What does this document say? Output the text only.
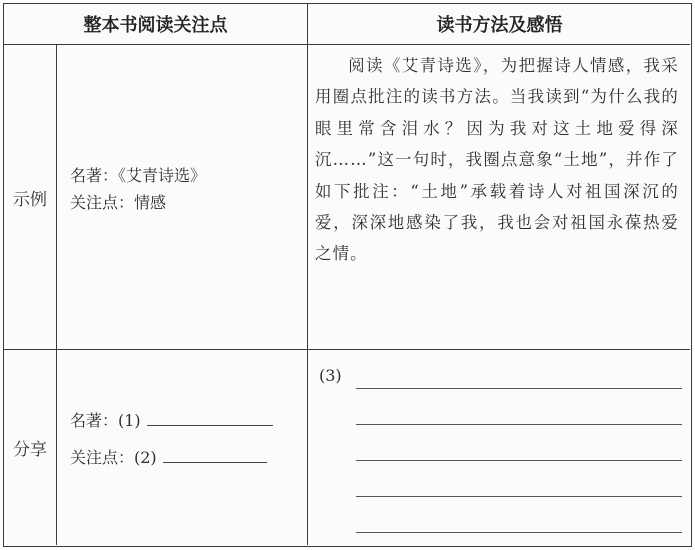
整本书阅读关注点	读书方法及感悟
示例
名著：《艾青诗选》
关注点：情感
分享
名著：(1)
关注点：(2)
(3)
阅读《艾青诗选》，为把握诗人情感，我采用圈点批注的读书方法。当我读到“为什么我的眼里常含泪水？因为我对这土地爱得深沉……”这一句时，我圈点意象“土地”，并作了如下批注：“土地”承载着诗人对祖国深沉的爱，深深地感染了我，我也会对祖国永葆热爱之情。
